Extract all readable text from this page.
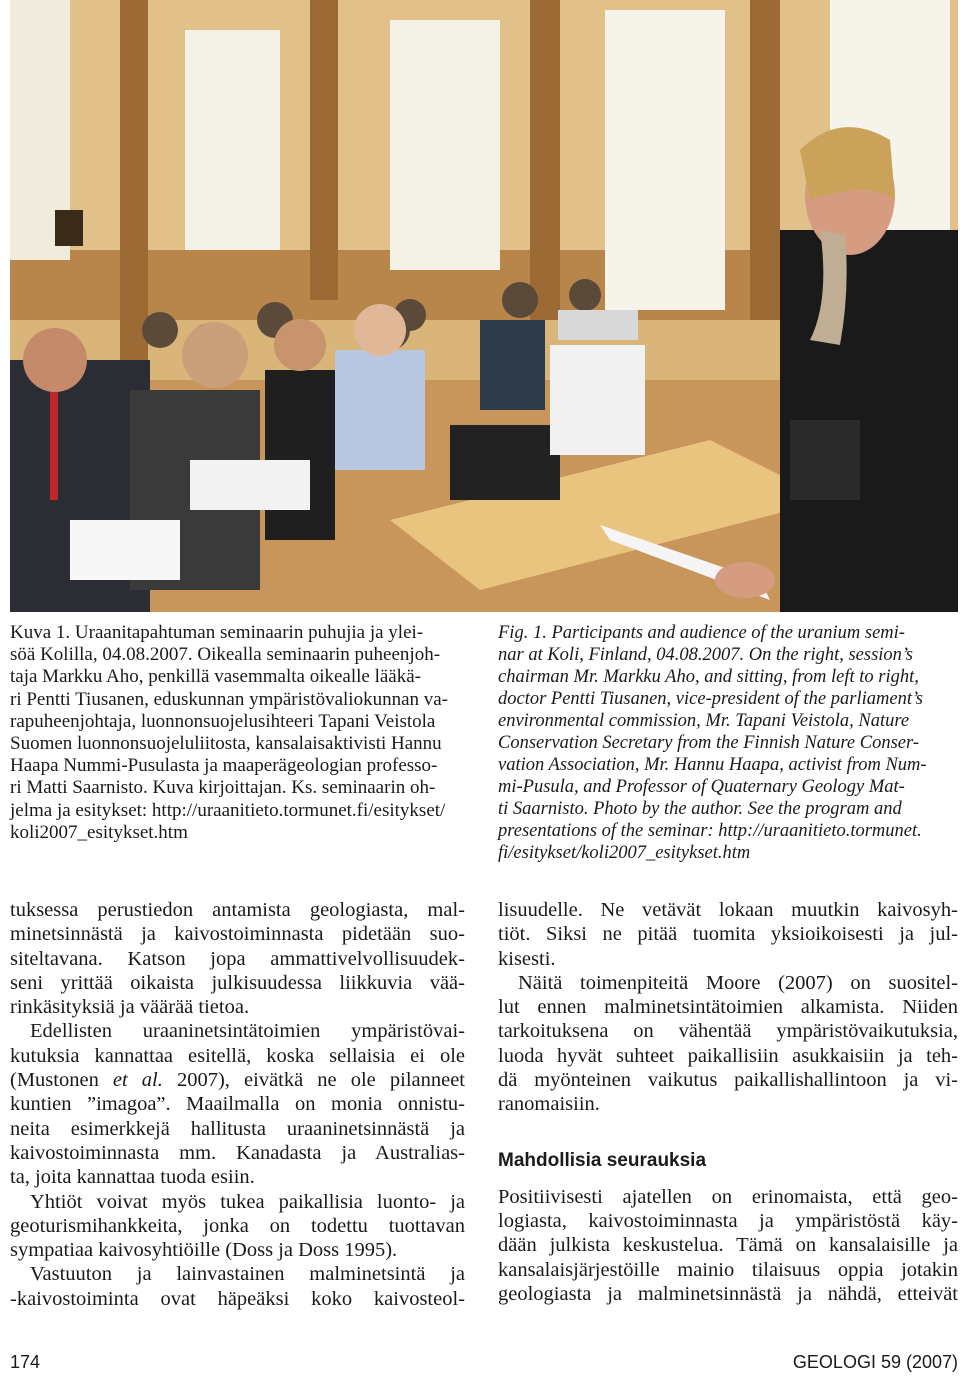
Kuva 1. Uraanitapahtuman seminaarin puhujia ja ylei-
söä Kolilla, 04.08.2007. Oikealla seminaarin puheenjoh-
taja Markku Aho, penkillä vasemmalta oikealle lääkä-
ri Pentti Tiusanen, eduskunnan ympäristövaliokunnan va-
rapuheenjohtaja, luonnonsuojelusihteeri Tapani Veistola
Suomen luonnonsuojeluliitosta, kansalaisaktivisti Hannu
Haapa Nummi-Pusulasta ja maaperägeologian professo-
ri Matti Saarnisto. Kuva kirjoittajan. Ks. seminaarin oh-
jelma ja esitykset: http://uraanitieto.tormunet.fi/esitykset/
koli2007_esitykset.htm
Fig. 1. Participants and audience of the uranium semi-
nar at Koli, Finland, 04.08.2007. On the right, session’s
chairman Mr. Markku Aho, and sitting, from left to right,
doctor Pentti Tiusanen, vice-president of the parliament’s
environmental commission, Mr. Tapani Veistola, Nature
Conservation Secretary from the Finnish Nature Conser-
vation Association, Mr. Hannu Haapa, activist from Num-
mi-Pusula, and Professor of Quaternary Geology Mat-
ti Saarnisto. Photo by the author. See the program and
presentations of the seminar: http://uraanitieto.tormunet.
fi/esitykset/koli2007_esitykset.htm

tuksessa perustiedon antamista geologiasta, mal-
minetsinnästä ja kaivostoiminnasta pidetään suo-
siteltavana. Katson jopa ammattivelvollisuudek-
seni yrittää oikaista julkisuudessa liikkuvia vää-
rinkäsityksiä ja väärää tietoa.

Edellisten uraaninetsintätoimien ympäristövai-
kutuksia kannattaa esitellä, koska sellaisia ei ole
(Mustonen et al. 2007), eivätkä ne ole pilanneet
kuntien ”imagoa”. Maailmalla on monia onnistu-
neita esimerkkejä hallitusta uraaninetsinnästä ja
kaivostoiminnasta mm. Kanadasta ja Australias-
ta, joita kannattaa tuoda esiin.

Yhtiöt voivat myös tukea paikallisia luonto- ja
geoturismihankkeita, jonka on todettu tuottavan
sympatiaa kaivosyhtiöille (Doss ja Doss 1995).

Vastuuton ja lainvastainen malminetsintä ja
-kaivostoiminta ovat häpeäksi koko kaivosteol-

lisuudelle. Ne vetävät lokaan muutkin kaivosyh-
tiöt. Siksi ne pitää tuomita yksioikoisesti ja jul-
kisesti.

Näitä toimenpiteitä Moore (2007) on suositel-
lut ennen malminetsintätoimien alkamista. Niiden
tarkoituksena on vähentää ympäristövaikutuksia,
luoda hyvät suhteet paikallisiin asukkaisiin ja teh-
dä myönteinen vaikutus paikallishallintoon ja vi-
ranomaisiin.

Mahdollisia seurauksia

Positiivisesti ajatellen on erinomaista, että geo-
logiasta, kaivostoiminnasta ja ympäristöstä käy-
dään julkista keskustelua. Tämä on kansalaisille ja
kansalaisjärjestöille mainio tilaisuus oppia jotakin
geologiasta ja malminetsinnästä ja nähdä, etteivät

174	GEOLOGI 59 (2007)
